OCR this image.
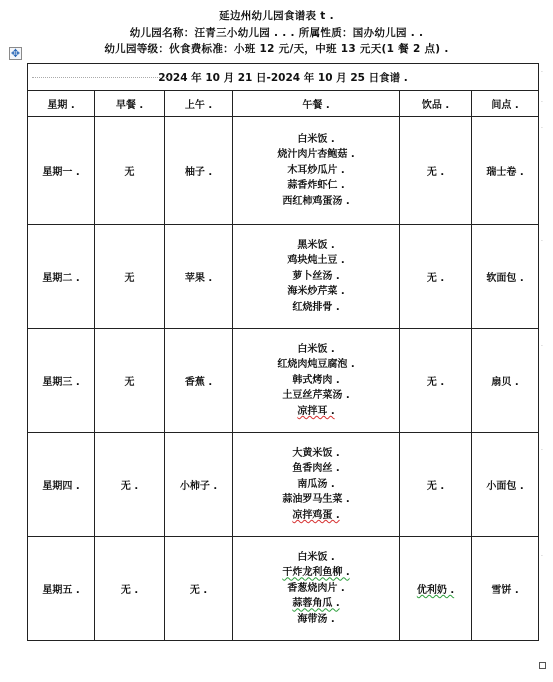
延边州幼儿园食谱表 t .
幼儿园名称：汪青三小幼儿园 . . . 所属性质：国办幼儿园 . .
幼儿园等级：伙食费标准：小班 12 元/天，中班 13 元天(1 餐 2 点) .
✥
2024 年 10 月 21 日-2024 年 10 月 25 日食谱 .					
星期 .	早餐 .	上午 .	午餐 .	饮品 .	间点 .
星期一 .	无	柚子 .	白米饭 .
烧汁肉片杏鲍菇 .
木耳炒瓜片 .
蒜香炸虾仁 .
西红柿鸡蛋汤 .	无 .	瑞士卷 .
星期二 .	无	苹果 .	黑米饭 .
鸡块炖土豆 .
萝卜丝汤 .
海米炒芹菜 .
红烧排骨 .	无 .	软面包 .
星期三 .	无	香蕉 .	白米饭 .
红烧肉炖豆腐泡 .
韩式烤肉 .
土豆丝芹菜汤 .
凉拌耳 .	无 .	扇贝 .
星期四 .	无 .	小柿子 .	大黄米饭 .
鱼香肉丝 .
南瓜汤 .
蒜油罗马生菜 .
凉拌鸡蛋 .	无 .	小面包 .
星期五 .	无 .	无 .	白米饭 .
干炸龙利鱼柳 .
香葱烧肉片 .
蒜蓉角瓜 .
海带汤 .	优利奶 .	雪饼 .
.
.
.
.
.
.
.
